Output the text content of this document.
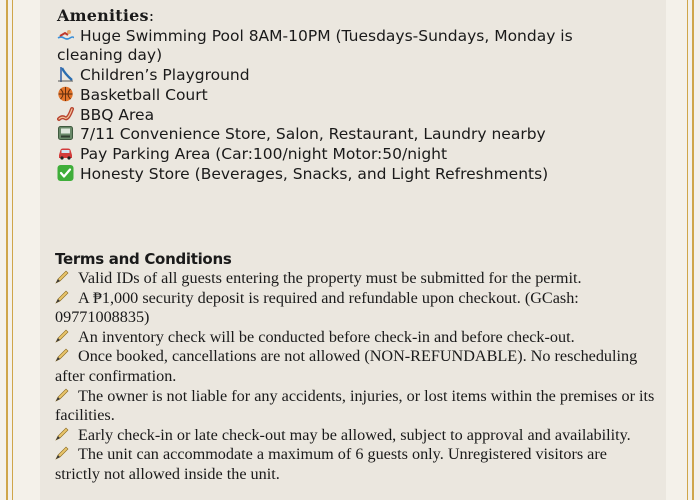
Amenities:
Huge Swimming Pool 8AM-10PM (Tuesdays-Sundays, Monday is cleaning day)
Children’s Playground
Basketball Court
BBQ Area
7/11 Convenience Store, Salon, Restaurant, Laundry nearby
Pay Parking Area (Car:100/night Motor:50/night
Honesty Store (Beverages, Snacks, and Light Refreshments)
Terms and Conditions
Valid IDs of all guests entering the property must be submitted for the permit.
A ₱1,000 security deposit is required and refundable upon checkout. (GCash: 09771008835)
An inventory check will be conducted before check-in and before check-out.
Once booked, cancellations are not allowed (NON-REFUNDABLE). No rescheduling after confirmation.
The owner is not liable for any accidents, injuries, or lost items within the premises or its facilities.
Early check-in or late check-out may be allowed, subject to approval and availability.
The unit can accommodate a maximum of 6 guests only. Unregistered visitors are strictly not allowed inside the unit.
